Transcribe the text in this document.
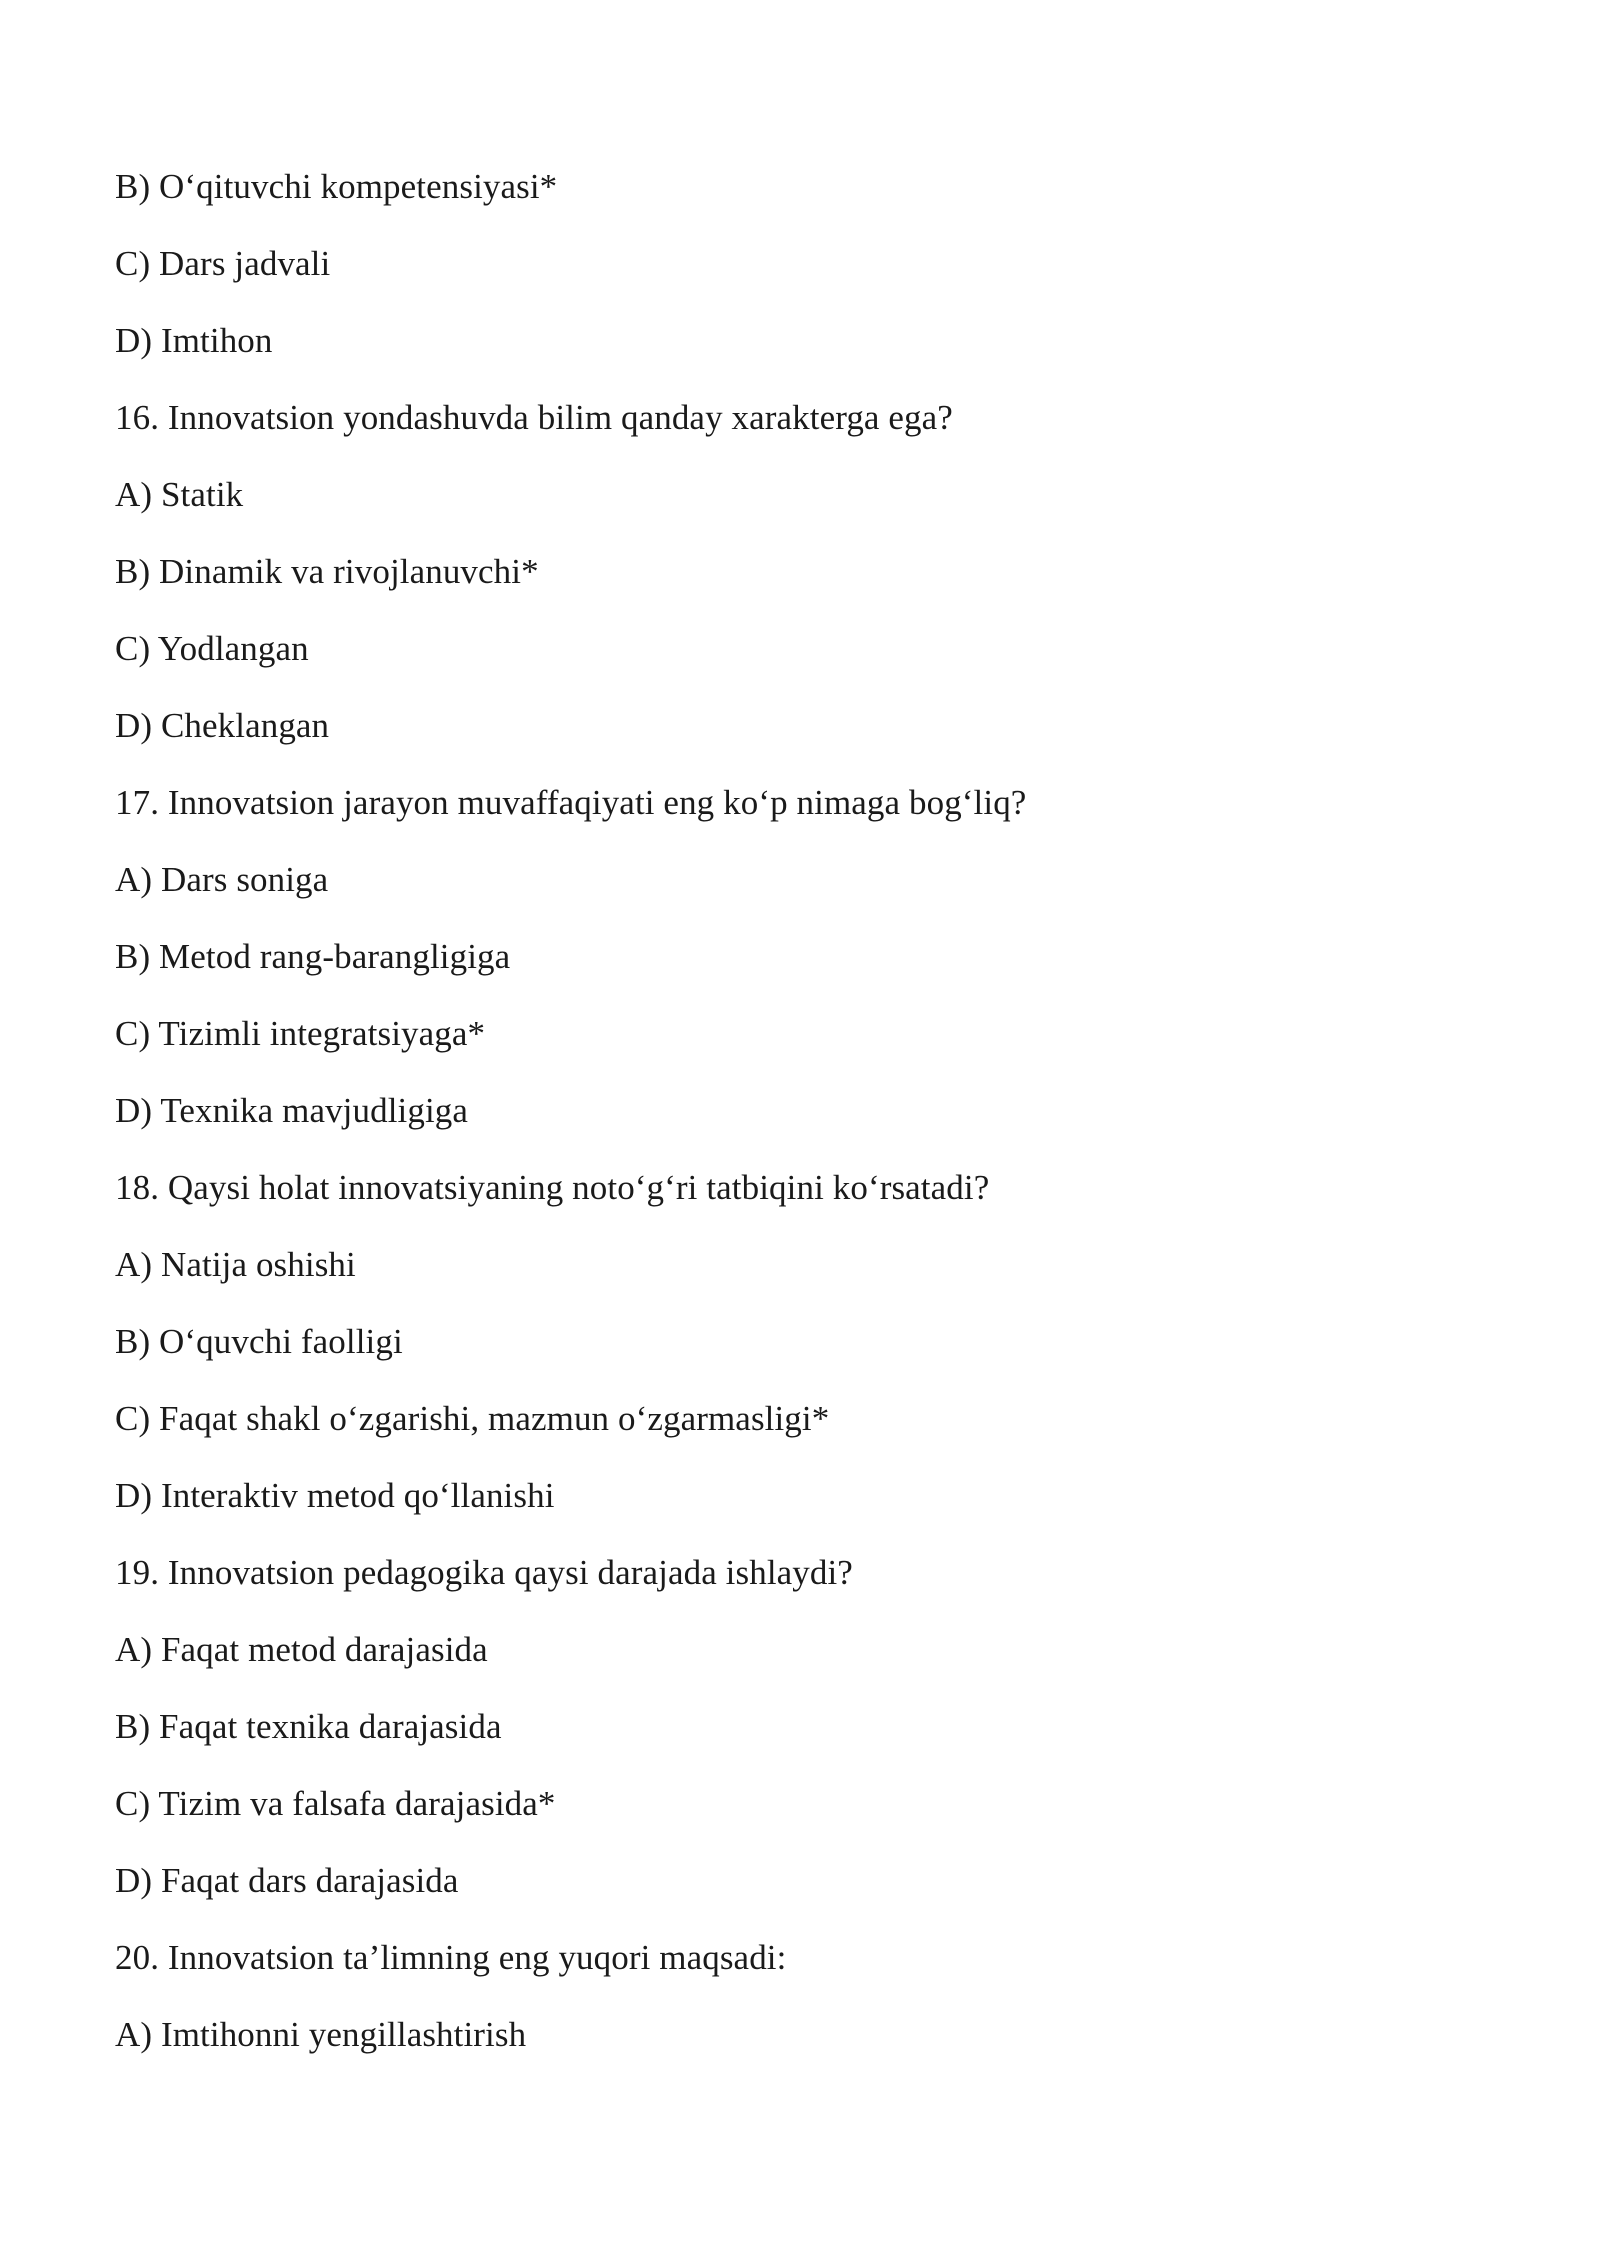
B) O‘qituvchi kompetensiyasi*
C) Dars jadvali
D) Imtihon
16. Innovatsion yondashuvda bilim qanday xarakterga ega?
A) Statik
B) Dinamik va rivojlanuvchi*
C) Yodlangan
D) Cheklangan
17. Innovatsion jarayon muvaffaqiyati eng ko‘p nimaga bog‘liq?
A) Dars soniga
B) Metod rang-barangligiga
C) Tizimli integratsiyaga*
D) Texnika mavjudligiga
18. Qaysi holat innovatsiyaning noto‘g‘ri tatbiqini ko‘rsatadi?
A) Natija oshishi
B) O‘quvchi faolligi
C) Faqat shakl o‘zgarishi, mazmun o‘zgarmasligi*
D) Interaktiv metod qo‘llanishi
19. Innovatsion pedagogika qaysi darajada ishlaydi?
A) Faqat metod darajasida
B) Faqat texnika darajasida
C) Tizim va falsafa darajasida*
D) Faqat dars darajasida
20. Innovatsion ta’limning eng yuqori maqsadi:
A) Imtihonni yengillashtirish
